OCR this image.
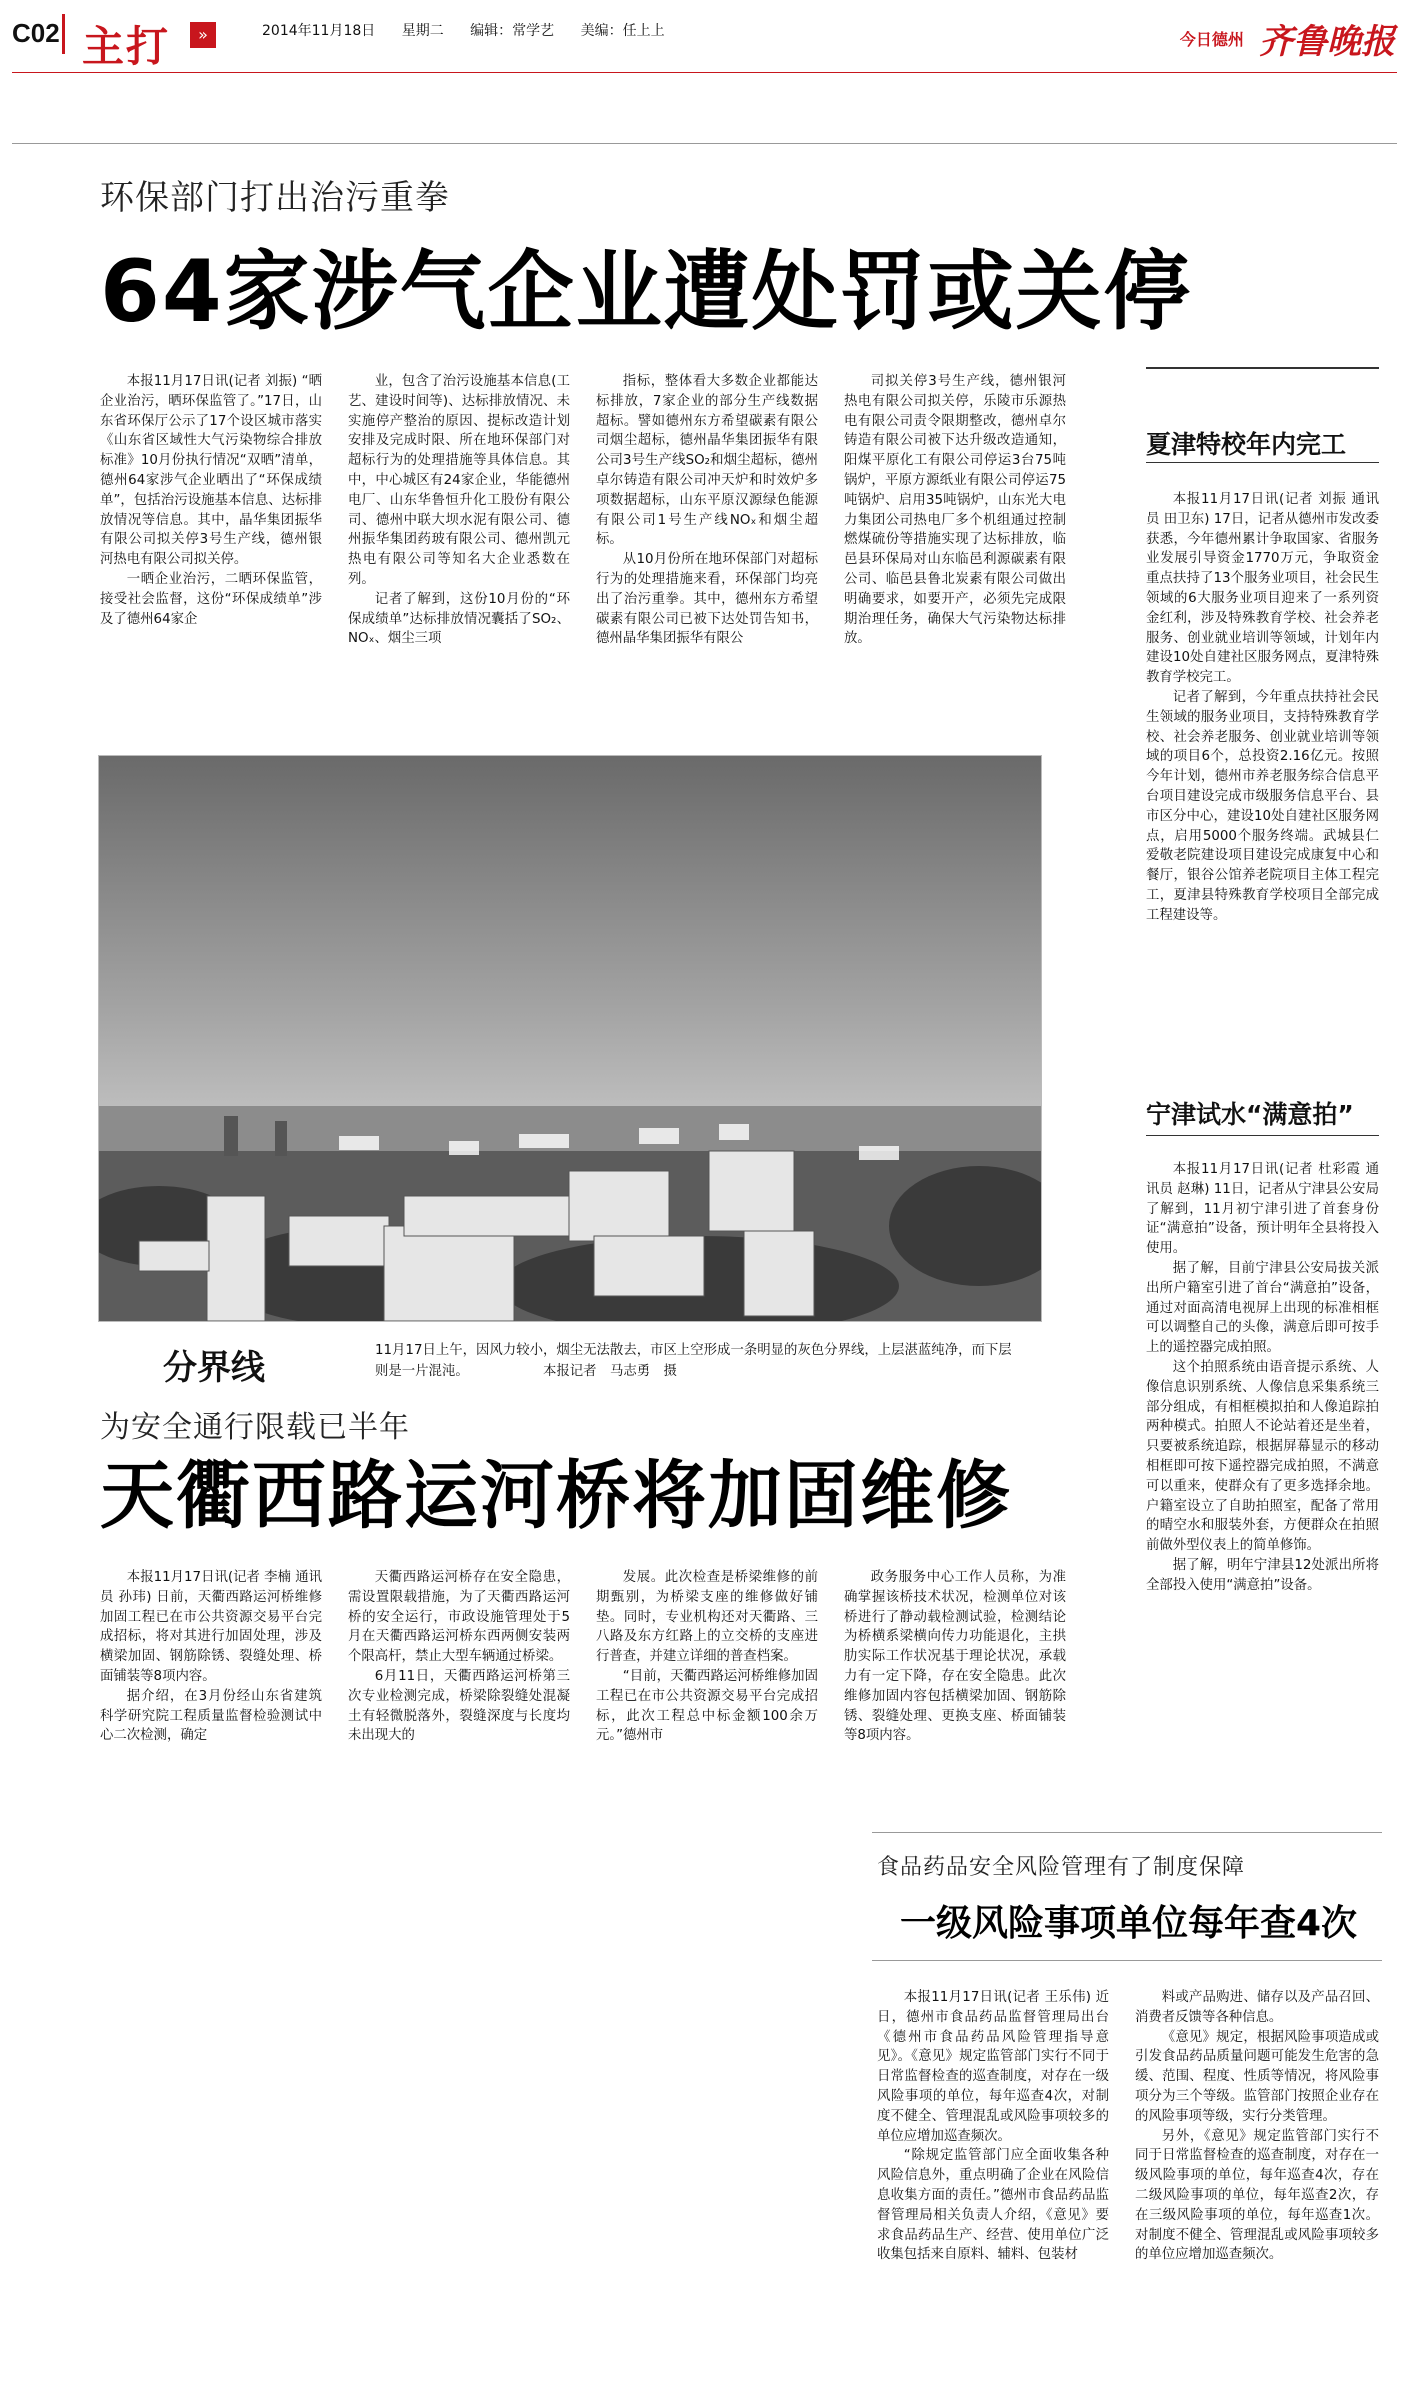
C02 主打	»	2014年11月18日 星期二 编辑：常学艺 美编：任上上	今日德州 齐鲁晚报
环保部门打出治污重拳
64家涉气企业遭处罚或关停

本报11月17日讯(记者 刘振) “晒企业治污，晒环保监管了。”17日，山东省环保厅公示了17个设区城市落实《山东省区域性大气污染物综合排放标准》10月份执行情况“双晒”清单，德州64家涉气企业晒出了“环保成绩单”，包括治污设施基本信息、达标排放情况等信息。其中，晶华集团振华有限公司拟关停3号生产线，德州银河热电有限公司拟关停。

一晒企业治污，二晒环保监管，接受社会监督，这份“环保成绩单”涉及了德州64家企

业，包含了治污设施基本信息(工艺、建设时间等)、达标排放情况、未实施停产整治的原因、提标改造计划安排及完成时限、所在地环保部门对超标行为的处理措施等具体信息。其中，中心城区有24家企业，华能德州电厂、山东华鲁恒升化工股份有限公司、德州中联大坝水泥有限公司、德州振华集团药玻有限公司、德州凯元热电有限公司等知名大企业悉数在列。

记者了解到，这份10月份的“环保成绩单”达标排放情况囊括了SO₂、NOₓ、烟尘三项

指标，整体看大多数企业都能达标排放，7家企业的部分生产线数据超标。譬如德州东方希望碳素有限公司烟尘超标，德州晶华集团振华有限公司3号生产线SO₂和烟尘超标，德州卓尔铸造有限公司冲天炉和时效炉多项数据超标，山东平原汉源绿色能源有限公司1号生产线NOₓ和烟尘超标。

从10月份所在地环保部门对超标行为的处理措施来看，环保部门均亮出了治污重拳。其中，德州东方希望碳素有限公司已被下达处罚告知书，德州晶华集团振华有限公

司拟关停3号生产线，德州银河热电有限公司拟关停，乐陵市乐源热电有限公司责令限期整改，德州卓尔铸造有限公司被下达升级改造通知，阳煤平原化工有限公司停运3台75吨锅炉，平原方源纸业有限公司停运75吨锅炉、启用35吨锅炉，山东光大电力集团公司热电厂多个机组通过控制燃煤硫份等措施实现了达标排放，临邑县环保局对山东临邑利源碳素有限公司、临邑县鲁北炭素有限公司做出明确要求，如要开产，必须先完成限期治理任务，确保大气污染物达标排放。

分界线	11月17日上午，因风力较小，烟尘无法散去，市区上空形成一条明显的灰色分界线，上层湛蓝纯净，而下层则是一片混沌。	本报记者　马志勇　摄
为安全通行限载已半年
天衢西路运河桥将加固维修

本报11月17日讯(记者 李楠 通讯员 孙玮) 日前，天衢西路运河桥维修加固工程已在市公共资源交易平台完成招标，将对其进行加固处理，涉及横梁加固、钢筋除锈、裂缝处理、桥面铺装等8项内容。

据介绍，在3月份经山东省建筑科学研究院工程质量监督检验测试中心二次检测，确定

天衢西路运河桥存在安全隐患，需设置限载措施，为了天衢西路运河桥的安全运行，市政设施管理处于5月在天衢西路运河桥东西两侧安装两个限高杆，禁止大型车辆通过桥梁。

6月11日，天衢西路运河桥第三次专业检测完成，桥梁除裂缝处混凝土有轻微脱落外，裂缝深度与长度均未出现大的

发展。此次检查是桥梁维修的前期甄别，为桥梁支座的维修做好铺垫。同时，专业机构还对天衢路、三八路及东方红路上的立交桥的支座进行普查，并建立详细的普查档案。

“目前，天衢西路运河桥维修加固工程已在市公共资源交易平台完成招标，此次工程总中标金额100余万元。”德州市

政务服务中心工作人员称，为准确掌握该桥技术状况，检测单位对该桥进行了静动载检测试验，检测结论为桥横系梁横向传力功能退化，主拱肋实际工作状况基于理论状况，承载力有一定下降，存在安全隐患。此次维修加固内容包括横梁加固、钢筋除锈、裂缝处理、更换支座、桥面铺装等8项内容。

夏津特校年内完工

本报11月17日讯(记者 刘振 通讯员 田卫东) 17日，记者从德州市发改委获悉，今年德州累计争取国家、省服务业发展引导资金1770万元，争取资金重点扶持了13个服务业项目，社会民生领域的6大服务业项目迎来了一系列资金红利，涉及特殊教育学校、社会养老服务、创业就业培训等领域，计划年内建设10处自建社区服务网点，夏津特殊教育学校完工。

记者了解到，今年重点扶持社会民生领域的服务业项目，支持特殊教育学校、社会养老服务、创业就业培训等领域的项目6个，总投资2.16亿元。按照今年计划，德州市养老服务综合信息平台项目建设完成市级服务信息平台、县市区分中心，建设10处自建社区服务网点，启用5000个服务终端。武城县仁爱敬老院建设项目建设完成康复中心和餐厅，银谷公馆养老院项目主体工程完工，夏津县特殊教育学校项目全部完成工程建设等。

宁津试水“满意拍”

本报11月17日讯(记者 杜彩霞 通讯员 赵琳) 11日，记者从宁津县公安局了解到，11月初宁津引进了首套身份证“满意拍”设备，预计明年全县将投入使用。

据了解，目前宁津县公安局拔关派出所户籍室引进了首台“满意拍”设备，通过对面高清电视屏上出现的标准相框可以调整自己的头像，满意后即可按手上的遥控器完成拍照。

这个拍照系统由语音提示系统、人像信息识别系统、人像信息采集系统三部分组成，有相框模拟拍和人像追踪拍两种模式。拍照人不论站着还是坐着，只要被系统追踪，根据屏幕显示的移动相框即可按下遥控器完成拍照，不满意可以重来，使群众有了更多选择余地。户籍室设立了自助拍照室，配备了常用的晴空水和服装外套，方便群众在拍照前做外型仪表上的简单修饰。

据了解，明年宁津县12处派出所将全部投入使用“满意拍”设备。

食品药品安全风险管理有了制度保障
一级风险事项单位每年查4次

本报11月17日讯(记者 王乐伟) 近日，德州市食品药品监督管理局出台《德州市食品药品风险管理指导意见》。《意见》规定监管部门实行不同于日常监督检查的巡查制度，对存在一级风险事项的单位，每年巡查4次，对制度不健全、管理混乱或风险事项较多的单位应增加巡查频次。

“除规定监管部门应全面收集各种风险信息外，重点明确了企业在风险信息收集方面的责任。”德州市食品药品监督管理局相关负责人介绍，《意见》要求食品药品生产、经营、使用单位广泛收集包括来自原料、辅料、包装材

料或产品购进、储存以及产品召回、消费者反馈等各种信息。

《意见》规定，根据风险事项造成或引发食品药品质量问题可能发生危害的急缓、范围、程度、性质等情况，将风险事项分为三个等级。监管部门按照企业存在的风险事项等级，实行分类管理。

另外，《意见》规定监管部门实行不同于日常监督检查的巡查制度，对存在一级风险事项的单位，每年巡查4次，存在二级风险事项的单位，每年巡查2次，存在三级风险事项的单位，每年巡查1次。对制度不健全、管理混乱或风险事项较多的单位应增加巡查频次。
